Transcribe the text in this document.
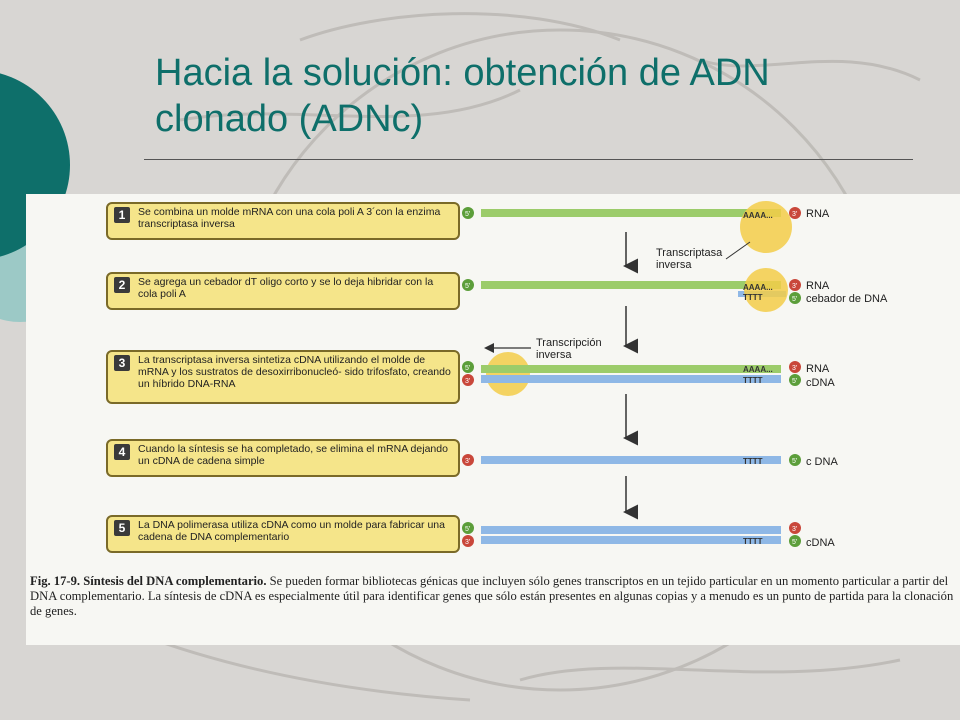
Hacia la solución: obtención de ADN clonado (ADNc)
1	Se combina un molde mRNA con una cola poli A 3´con la enzima transcriptasa inversa
2	Se agrega un cebador dT oligo corto y se lo deja hibridar con la cola poli A
3	La transcriptasa inversa sintetiza cDNA utilizando el molde de mRNA y los sustratos de desoxirribonucleó- sido trifosfato, creando un híbrido DNA-RNA
4	Cuando la síntesis se ha completado, se elimina el mRNA dejando un cDNA de cadena simple
5	La DNA polimerasa utiliza cDNA como un molde para fabricar una cadena de DNA complementario
AAAA...
5'	3' RNA
Transcriptasa
inversa
AAAA...
TTTT
5'	3'
5'
RNA
cebador de DNA
Transcripción
inversa
AAAA...
TTTT
5'
3'
3'
5'
RNA
cDNA
TTTT
3'	5' c DNA
TTTT
5'
3'
3'
5' cDNA
Fig. 17-9. Síntesis del DNA complementario. Se pueden formar bibliotecas génicas que incluyen sólo genes transcriptos en un tejido particular en un momento particular a partir del DNA complementario. La síntesis de cDNA es especialmente útil para identificar genes que sólo están presentes en algunas copias y a menudo es un punto de partida para la clonación de genes.
